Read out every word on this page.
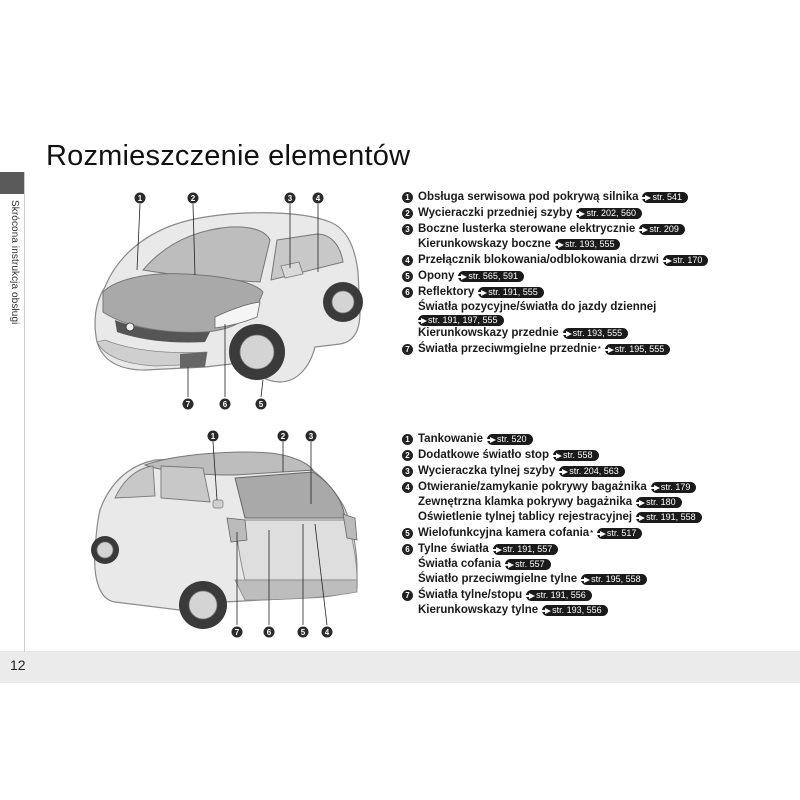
Skrócona instrukcja obsługi
Rozmieszczenie elementów
1	2	3	4
7	6	5
1	2	3
7	6	5 4
1 Obsługa serwisowa pod pokrywą silnika str. 541
2 Wycieraczki przedniej szyby str. 202, 560
3 Boczne lusterka sterowane elektrycznie str. 209
Kierunkowskazy boczne str. 193, 555
4 Przełącznik blokowania/odblokowania drzwi str. 170
5 Opony str. 565, 591
6 Reflektory str. 191, 555
Światła pozycyjne/światła do jazdy dziennej
str. 191, 197, 555
Kierunkowskazy przednie str. 193, 555
7 Światła przeciwmgielne przednie * str. 195, 555
1 Tankowanie str. 520
2 Dodatkowe światło stop str. 558
3 Wycieraczka tylnej szyby str. 204, 563
4 Otwieranie/zamykanie pokrywy bagażnika str. 179
Zewnętrzna klamka pokrywy bagażnika str. 180
Oświetlenie tylnej tablicy rejestracyjnej str. 191, 558
5 Wielofunkcyjna kamera cofania * str. 517
6 Tylne światła str. 191, 557
Światła cofania str. 557
Światło przeciwmgielne tylne str. 195, 558
7 Światła tylne/stopu str. 191, 556
Kierunkowskazy tylne str. 193, 556
12
